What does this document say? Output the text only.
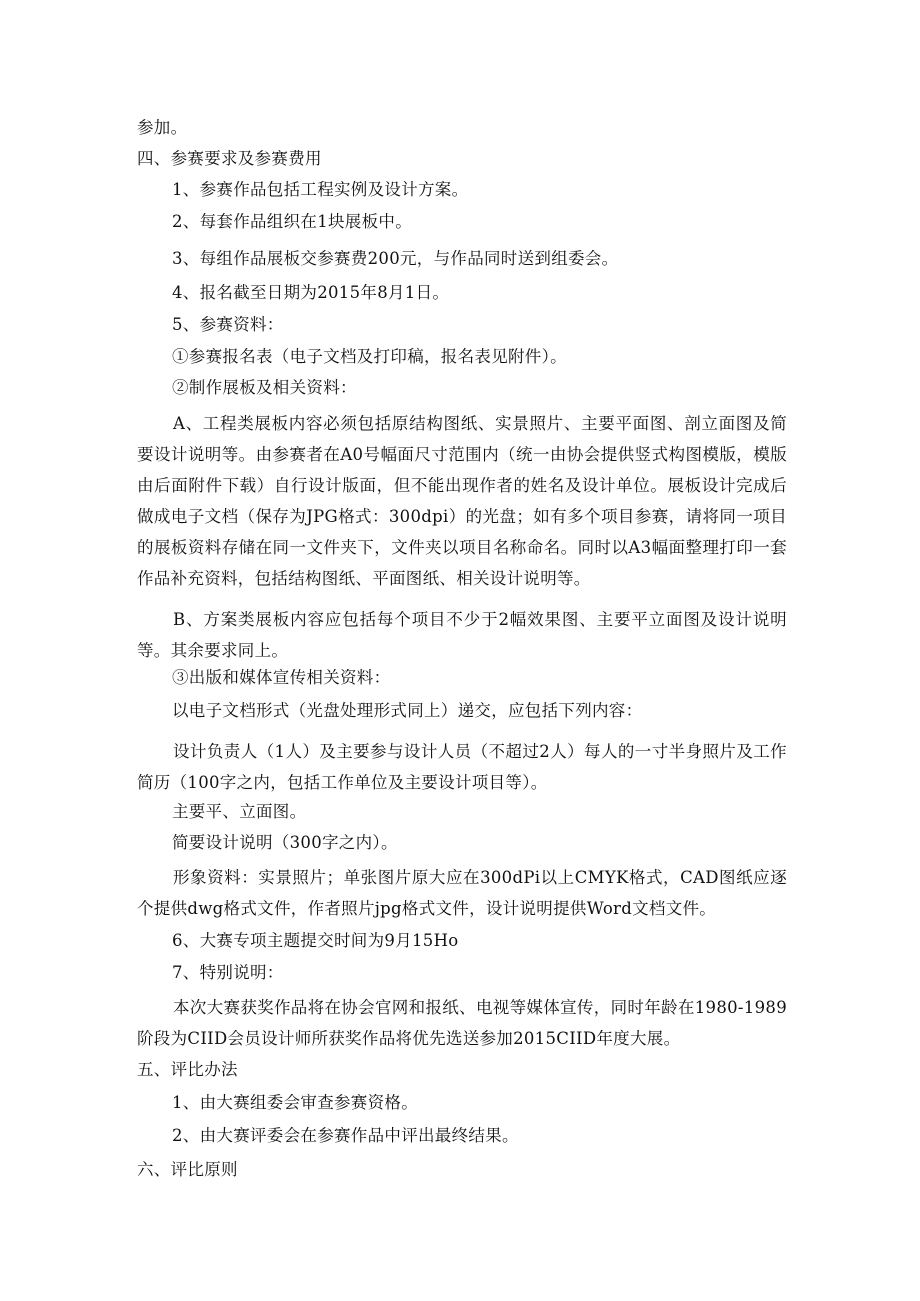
参加。
四、参赛要求及参赛费用
1、参赛作品包括工程实例及设计方案。
2、每套作品组织在1块展板中。
3、每组作品展板交参赛费200元，与作品同时送到组委会。
4、报名截至日期为2015年8月1日。
5、参赛资料：
①参赛报名表（电子文档及打印稿，报名表见附件）。
②制作展板及相关资料：
A、工程类展板内容必须包括原结构图纸、实景照片、主要平面图、剖立面图及简要设计说明等。由参赛者在A0号幅面尺寸范围内（统一由协会提供竖式构图模版，模版由后面附件下载）自行设计版面，但不能出现作者的姓名及设计单位。展板设计完成后做成电子文档（保存为JPG格式：300dpi）的光盘；如有多个项目参赛，请将同一项目的展板资料存储在同一文件夹下，文件夹以项目名称命名。同时以A3幅面整理打印一套作品补充资料，包括结构图纸、平面图纸、相关设计说明等。
B、方案类展板内容应包括每个项目不少于2幅效果图、主要平立面图及设计说明等。其余要求同上。
③出版和媒体宣传相关资料：
以电子文档形式（光盘处理形式同上）递交，应包括下列内容：
设计负责人（1人）及主要参与设计人员（不超过2人）每人的一寸半身照片及工作简历（100字之内，包括工作单位及主要设计项目等）。
主要平、立面图。
简要设计说明（300字之内）。
形象资料：实景照片；单张图片原大应在300dPi以上CMYK格式，CAD图纸应逐个提供dwg格式文件，作者照片jpg格式文件，设计说明提供Word文档文件。
6、大赛专项主题提交时间为9月15Ho
7、特别说明：
本次大赛获奖作品将在协会官网和报纸、电视等媒体宣传，同时年龄在1980-1989阶段为CIID会员设计师所获奖作品将优先选送参加2015CIID年度大展。
五、评比办法
1、由大赛组委会审查参赛资格。
2、由大赛评委会在参赛作品中评出最终结果。
六、评比原则
